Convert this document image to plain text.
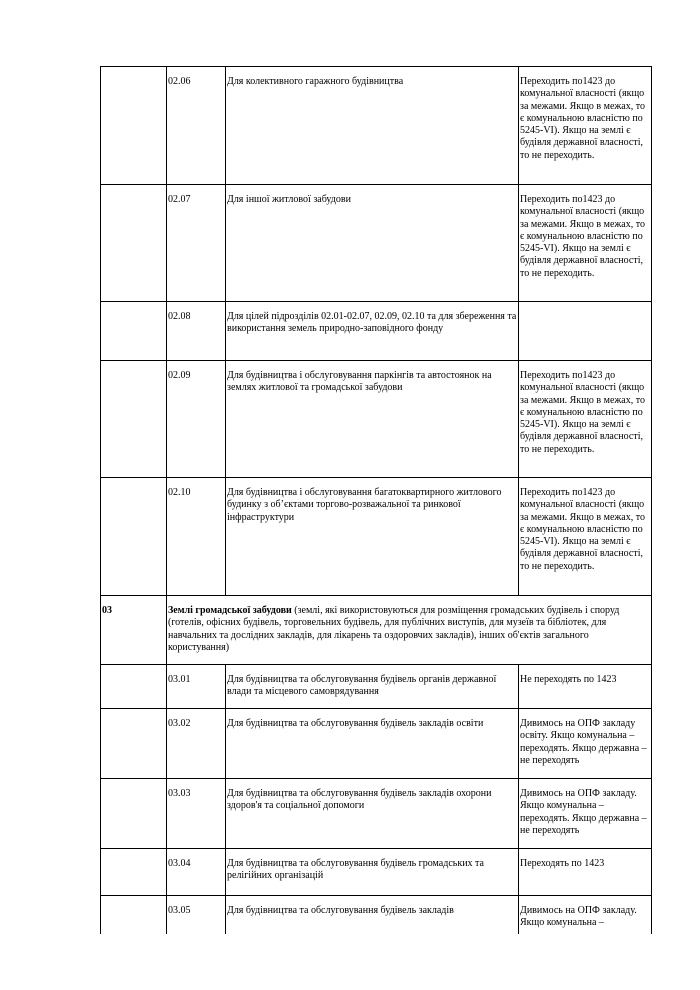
	02.06	Для колективного гаражного будівництва	Переходить по1423 до комунальної власності (якщо за межами. Якщо в межах, то є комунальною власністю по 5245-VI). Якщо на землі є будівля державної власності, то не переходить.
	02.07	Для іншої житлової забудови	Переходить по1423 до комунальної власності (якщо за межами. Якщо в межах, то є комунальною власністю по 5245-VI). Якщо на землі є будівля державної власності, то не переходить.
	02.08	Для цілей підрозділів 02.01-02.07, 02.09, 02.10 та для збереження та використання земель природно-заповідного фонду	
	02.09	Для будівництва і обслуговування паркінгів та автостоянок на землях житлової та громадської забудови	Переходить по1423 до комунальної власності (якщо за межами. Якщо в межах, то є комунальною власністю по 5245-VI). Якщо на землі є будівля державної власності, то не переходить.
	02.10	Для будівництва і обслуговування багатоквартирного житлового будинку з об’єктами торгово-розважальної та ринкової інфраструктури	Переходить по1423 до комунальної власності (якщо за межами. Якщо в межах, то є комунальною власністю по 5245-VI). Якщо на землі є будівля державної власності, то не переходить.
03	Землі громадської забудови (землі, які використовуються для розміщення громадських будівель і споруд (готелів, офісних будівель, торговельних будівель, для публічних виступів, для музеїв та бібліотек, для навчальних та дослідних закладів, для лікарень та оздоровчих закладів), інших об'єктів загального користування)		
	03.01	Для будівництва та обслуговування будівель органів державної влади та місцевого самоврядування	Не переходять по 1423
	03.02	Для будівництва та обслуговування будівель закладів освіти	Дивимось на ОПФ закладу освіту. Якщо комунальна – переходять. Якщо державна – не переходять
	03.03	Для будівництва та обслуговування будівель закладів охорони здоров'я та соціальної допомоги	Дивимось на ОПФ закладу. Якщо комунальна – переходять. Якщо державна – не переходять
	03.04	Для будівництва та обслуговування будівель громадських та релігійних організацій	Переходять по 1423
	03.05	Для будівництва та обслуговування будівель закладів	Дивимось на ОПФ закладу. Якщо комунальна –
